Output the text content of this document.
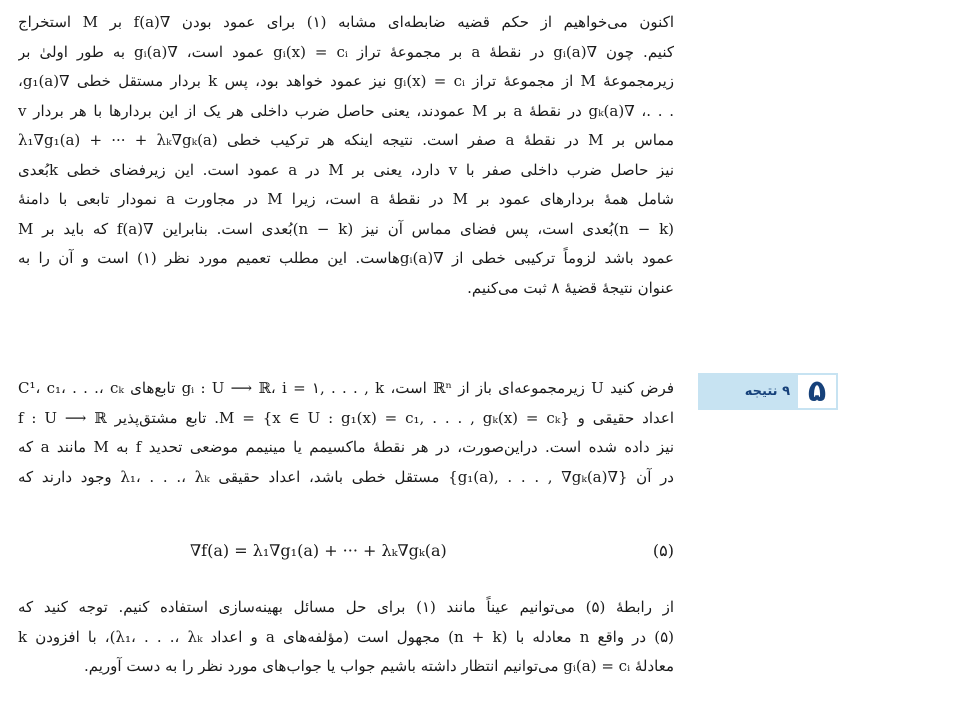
اکنون می‌خواهیم از حکم قضیه ضابطه‌ای مشابه (۱) برای عمود بودن ∇f(a) بر M استخراج
کنیم. چون ∇gᵢ(a) در نقطهٔ a بر مجموعهٔ تراز gᵢ(x) = cᵢ عمود است، ∇gᵢ(a) به طور اولیٰ بر
زیرمجموعهٔ M از مجموعهٔ تراز gᵢ(x) = cᵢ نیز عمود خواهد بود، پس k بردار مستقل خطی ∇g₁(a)،
. . .، ∇gₖ(a) در نقطهٔ a بر M عمودند، یعنی حاصل ضرب داخلی هر یک از این بردارها با هر بردار v
مماس بر M در نقطهٔ a صفر است. نتیجه اینکه هر ترکیب خطی λ₁∇g₁(a) + ··· + λₖ∇gₖ(a)
نیز حاصل ضرب داخلی صفر با v دارد، یعنی بر M در a عمود است. این زیرفضای خطی k‌بُعدی
شامل همهٔ بردارهای عمود بر M در نقطهٔ a است، زیرا M در مجاورت a نمودار تابعی با دامنهٔ
(n − k)بُعدی است، پس فضای مماس آن نیز (n − k)بُعدی است. بنابراین ∇f(a) که باید بر M
عمود باشد لزوماً ترکیبی خطی از ∇gᵢ(a)هاست. این مطلب تعمیم مورد نظر (۱) است و آن را به
عنوان نتیجهٔ قضیهٔ ۸ ثبت می‌کنیم.
۹ نتیجه ۵
فرض کنید U زیرمجموعه‌ای باز از ℝⁿ است، gᵢ : U ⟶ ℝ، i = ۱, . . . , k تابع‌های C¹، c₁، . . .، cₖ
اعداد حقیقی و M = {x ∈ U : g₁(x) = c₁, . . . , gₖ(x) = cₖ}. تابع مشتق‌پذیر f : U ⟶ ℝ
نیز داده شده است. دراین‌صورت، در هر نقطهٔ ماکسیمم یا مینیمم موضعی تحدید f به M مانند a که
در آن {∇g₁(a), . . . , ∇gₖ(a)} مستقل خطی باشد، اعداد حقیقی λ₁، . . .، λₖ وجود دارند که
∇f(a) = λ₁∇g₁(a) + ··· + λₖ∇gₖ(a)	(۵)
از رابطهٔ (۵) می‌توانیم عیناً مانند (۱) برای حل مسائل بهینه‌سازی استفاده کنیم. توجه کنید که
(۵) در واقع n معادله با (n + k) مجهول است (مؤلفه‌های a و اعداد λ₁، . . .، λₖ)، با افزودن k
معادلهٔ gᵢ(a) = cᵢ می‌توانیم انتظار داشته باشیم جواب یا جواب‌های مورد نظر را به دست آوریم.
